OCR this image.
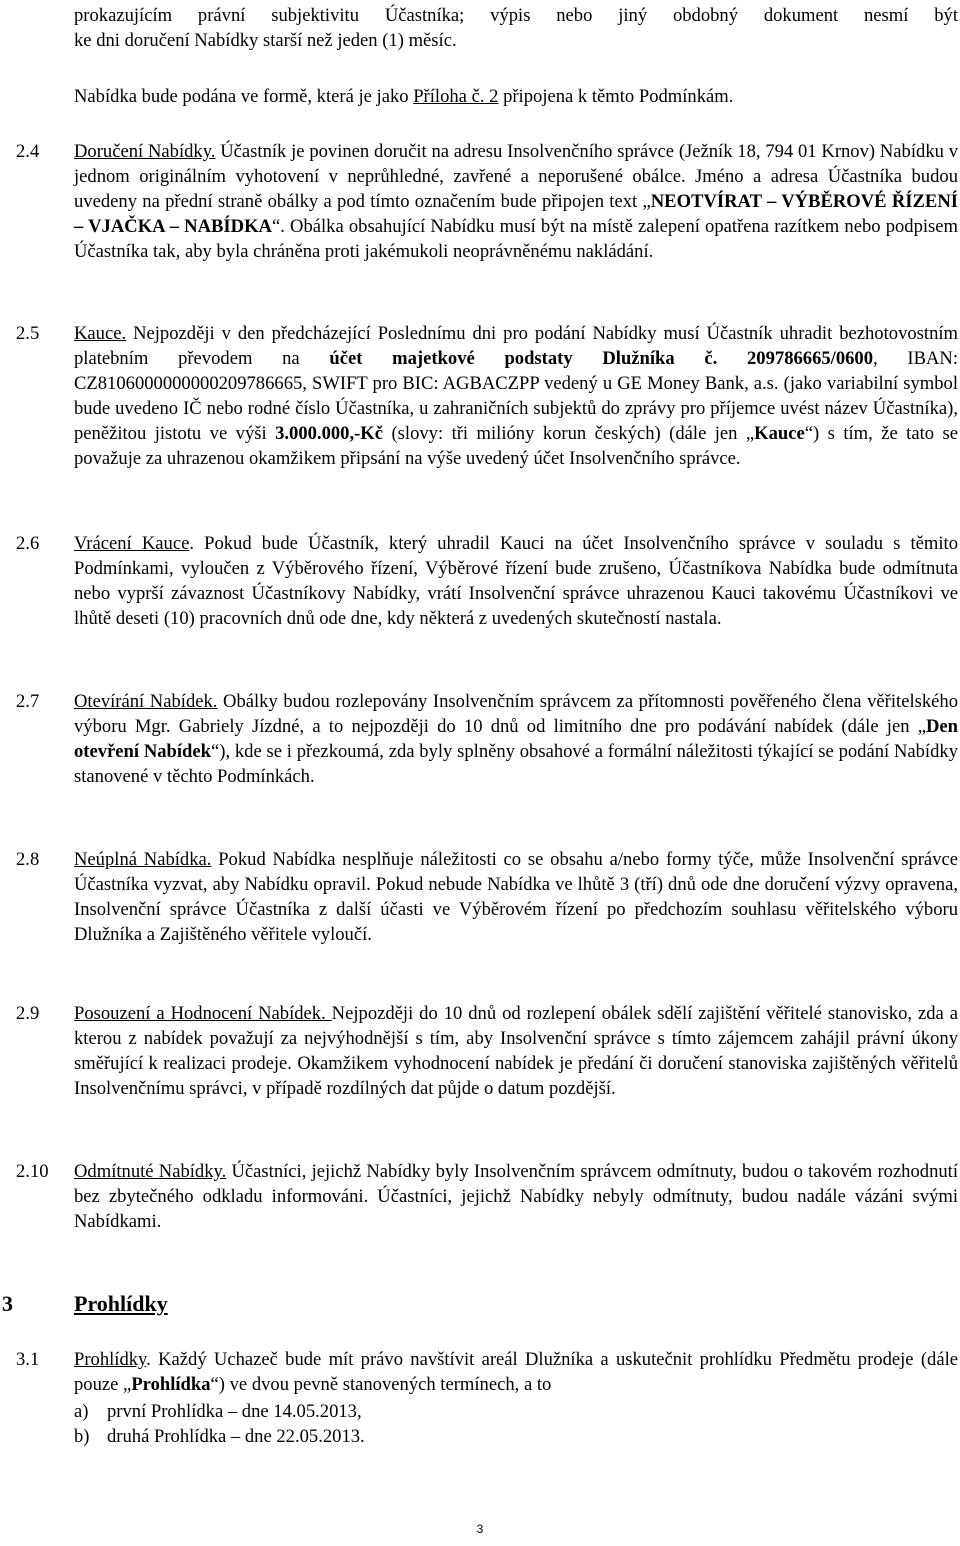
prokazujícím právní subjektivitu Účastníka; výpis nebo jiný obdobný dokument nesmí být
ke dni doručení Nabídky starší než jeden (1) měsíc.
Nabídka bude podána ve formě, která je jako Příloha č. 2 připojena k těmto Podmínkám.
2.4 Doručení Nabídky. Účastník je povinen doručit na adresu Insolvenčního správce (Ježník 18, 794 01 Krnov) Nabídku v jednom originálním vyhotovení v neprůhledné, zavřené a neporušené obálce. Jméno a adresa Účastníka budou uvedeny na přední straně obálky a pod tímto označením bude připojen text „NEOTVÍRAT – VÝBĚROVÉ ŘÍZENÍ – VJAČKA – NABÍDKA“. Obálka obsahující Nabídku musí být na místě zalepení opatřena razítkem nebo podpisem Účastníka tak, aby byla chráněna proti jakémukoli neoprávněnému nakládání.
2.5 Kauce. Nejpozději v den předcházející Poslednímu dni pro podání Nabídky musí Účastník uhradit bezhotovostním platebním převodem na účet majetkové podstaty Dlužníka č. 209786665/0600, IBAN: CZ8106000000000209786665, SWIFT pro BIC: AGBACZPP vedený u GE Money Bank, a.s. (jako variabilní symbol bude uvedeno IČ nebo rodné číslo Účastníka, u zahraničních subjektů do zprávy pro příjemce uvést název Účastníka), peněžitou jistotu ve výši 3.000.000,-Kč (slovy: tři milióny korun českých) (dále jen „Kauce“) s tím, že tato se považuje za uhrazenou okamžikem připsání na výše uvedený účet Insolvenčního správce.
2.6 Vrácení Kauce. Pokud bude Účastník, který uhradil Kauci na účet Insolvenčního správce v souladu s těmito Podmínkami, vyloučen z Výběrového řízení, Výběrové řízení bude zrušeno, Účastníkova Nabídka bude odmítnuta nebo vyprší závaznost Účastníkovy Nabídky, vrátí Insolvenční správce uhrazenou Kauci takovému Účastníkovi ve lhůtě deseti (10) pracovních dnů ode dne, kdy některá z uvedených skutečností nastala.
2.7 Otevírání Nabídek. Obálky budou rozlepovány Insolvenčním správcem za přítomnosti pověřeného člena věřitelského výboru Mgr. Gabriely Jízdné, a to nejpozději do 10 dnů od limitního dne pro podávání nabídek (dále jen „Den otevření Nabídek“), kde se i přezkoumá, zda byly splněny obsahové a formální náležitosti týkající se podání Nabídky stanovené v těchto Podmínkách.
2.8 Neúplná Nabídka. Pokud Nabídka nesplňuje náležitosti co se obsahu a/nebo formy týče, může Insolvenční správce Účastníka vyzvat, aby Nabídku opravil. Pokud nebude Nabídka ve lhůtě 3 (tří) dnů ode dne doručení výzvy opravena, Insolvenční správce Účastníka z další účasti ve Výběrovém řízení po předchozím souhlasu věřitelského výboru Dlužníka a Zajištěného věřitele vyloučí.
2.9 Posouzení a Hodnocení Nabídek. Nejpozději do 10 dnů od rozlepení obálek sdělí zajištění věřitelé stanovisko, zda a kterou z nabídek považují za nejvýhodnější s tím, aby Insolvenční správce s tímto zájemcem zahájil právní úkony směřující k realizaci prodeje. Okamžikem vyhodnocení nabídek je předání či doručení stanoviska zajištěných věřitelů Insolvenčnímu správci, v případě rozdílných dat půjde o datum pozdější.
2.10 Odmítnuté Nabídky. Účastníci, jejichž Nabídky byly Insolvenčním správcem odmítnuty, budou o takovém rozhodnutí bez zbytečného odkladu informováni. Účastníci, jejichž Nabídky nebyly odmítnuty, budou nadále vázáni svými Nabídkami.
3	Prohlídky
3.1 Prohlídky. Každý Uchazeč bude mít právo navštívit areál Dlužníka a uskutečnit prohlídku Předmětu prodeje (dále pouze „Prohlídka“) ve dvou pevně stanovených termínech, a to
a) první Prohlídka – dne 14.05.2013,
b) druhá Prohlídka – dne 22.05.2013.
3
